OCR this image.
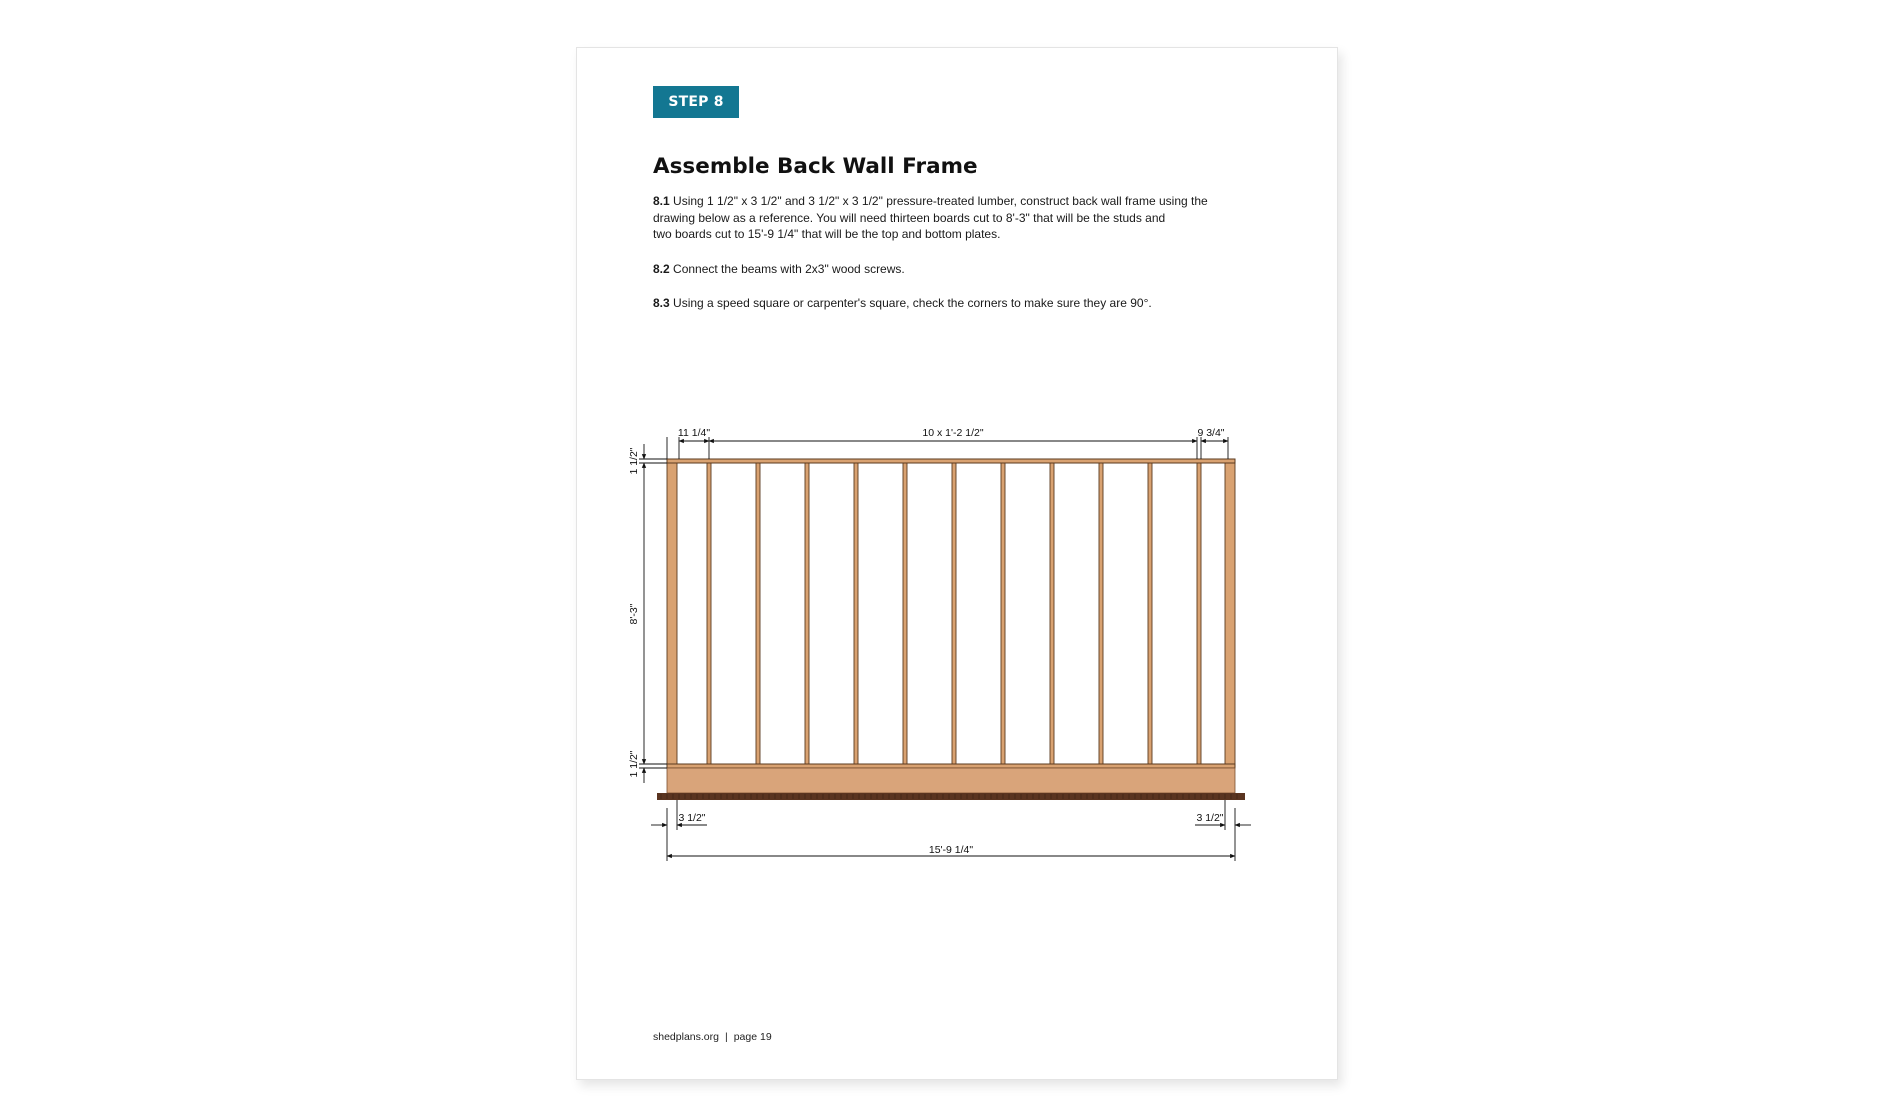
STEP 8
Assemble Back Wall Frame

8.1 Using 1 1/2" x 3 1/2" and 3 1/2" x 3 1/2" pressure-treated lumber, construct back wall frame using the
drawing below as a reference. You will need thirteen boards cut to 8'-3" that will be the studs and
two boards cut to 15'-9 1/4" that will be the top and bottom plates.

8.2 Connect the beams with 2x3" wood screws.

8.3 Using a speed square or carpenter's square, check the corners to make sure they are 90°.

11 1/4"	10 x 1'-2 1/2"	9 3/4"
1 1/2"
8'-3"
1 1/2"
3 1/2"	3 1/2"
15'-9 1/4"
shedplans.org | page 19
